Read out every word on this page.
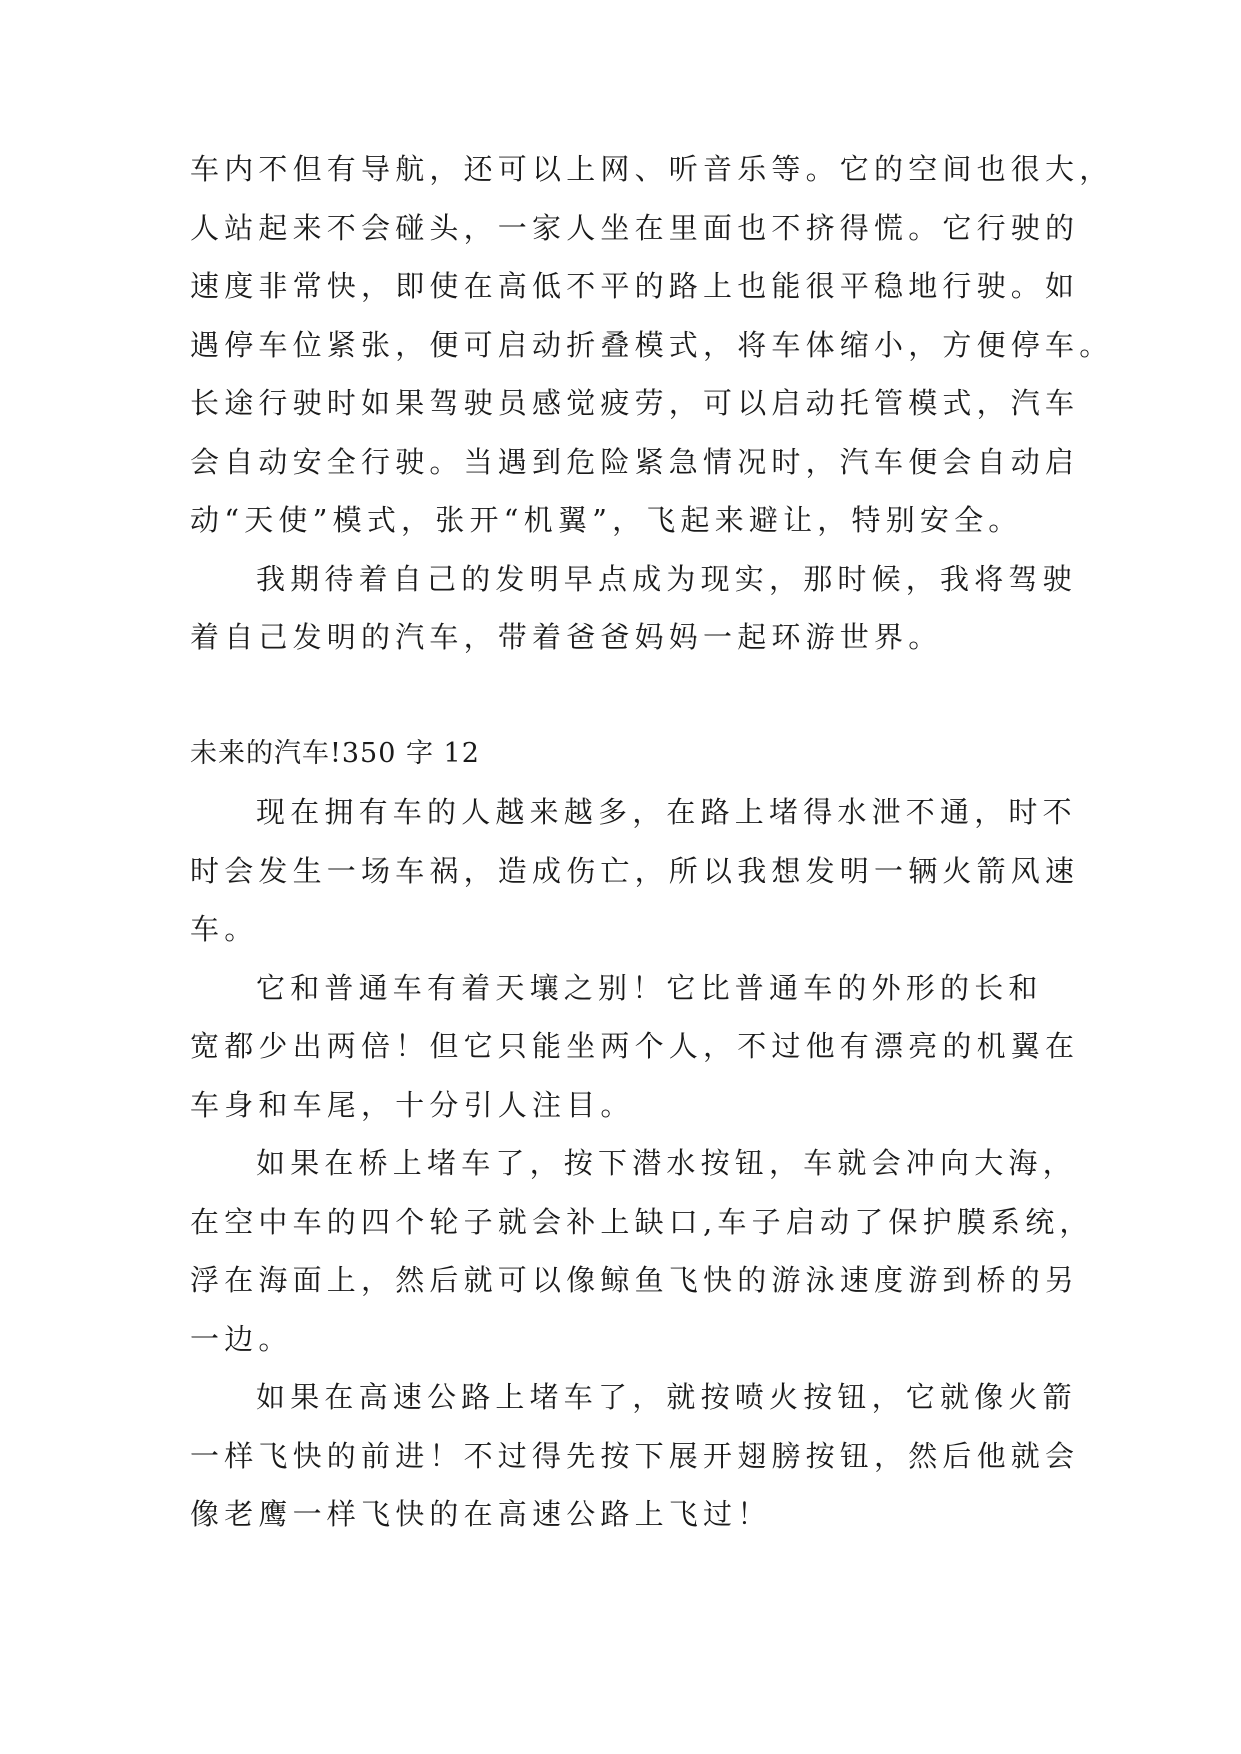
车内不但有导航，还可以上网、听音乐等。它的空间也很大，
人站起来不会碰头，一家人坐在里面也不挤得慌。它行驶的
速度非常快，即使在高低不平的路上也能很平稳地行驶。如
遇停车位紧张，便可启动折叠模式，将车体缩小，方便停车。
长途行驶时如果驾驶员感觉疲劳，可以启动托管模式，汽车
会自动安全行驶。当遇到危险紧急情况时，汽车便会自动启
动“天使”模式，张开“机翼”，飞起来避让，特别安全。
我期待着自己的发明早点成为现实，那时候，我将驾驶
着自己发明的汽车，带着爸爸妈妈一起环游世界。
未来的汽车!350 字 12
现在拥有车的人越来越多，在路上堵得水泄不通，时不
时会发生一场车祸，造成伤亡，所以我想发明一辆火箭风速
车。
它和普通车有着天壤之别！它比普通车的外形的长和
宽都少出两倍！但它只能坐两个人，不过他有漂亮的机翼在
车身和车尾，十分引人注目。
如果在桥上堵车了，按下潜水按钮，车就会冲向大海，
在空中车的四个轮子就会补上缺口,车子启动了保护膜系统，
浮在海面上，然后就可以像鲸鱼飞快的游泳速度游到桥的另
一边。
如果在高速公路上堵车了，就按喷火按钮，它就像火箭
一样飞快的前进！不过得先按下展开翅膀按钮，然后他就会
像老鹰一样飞快的在高速公路上飞过！
